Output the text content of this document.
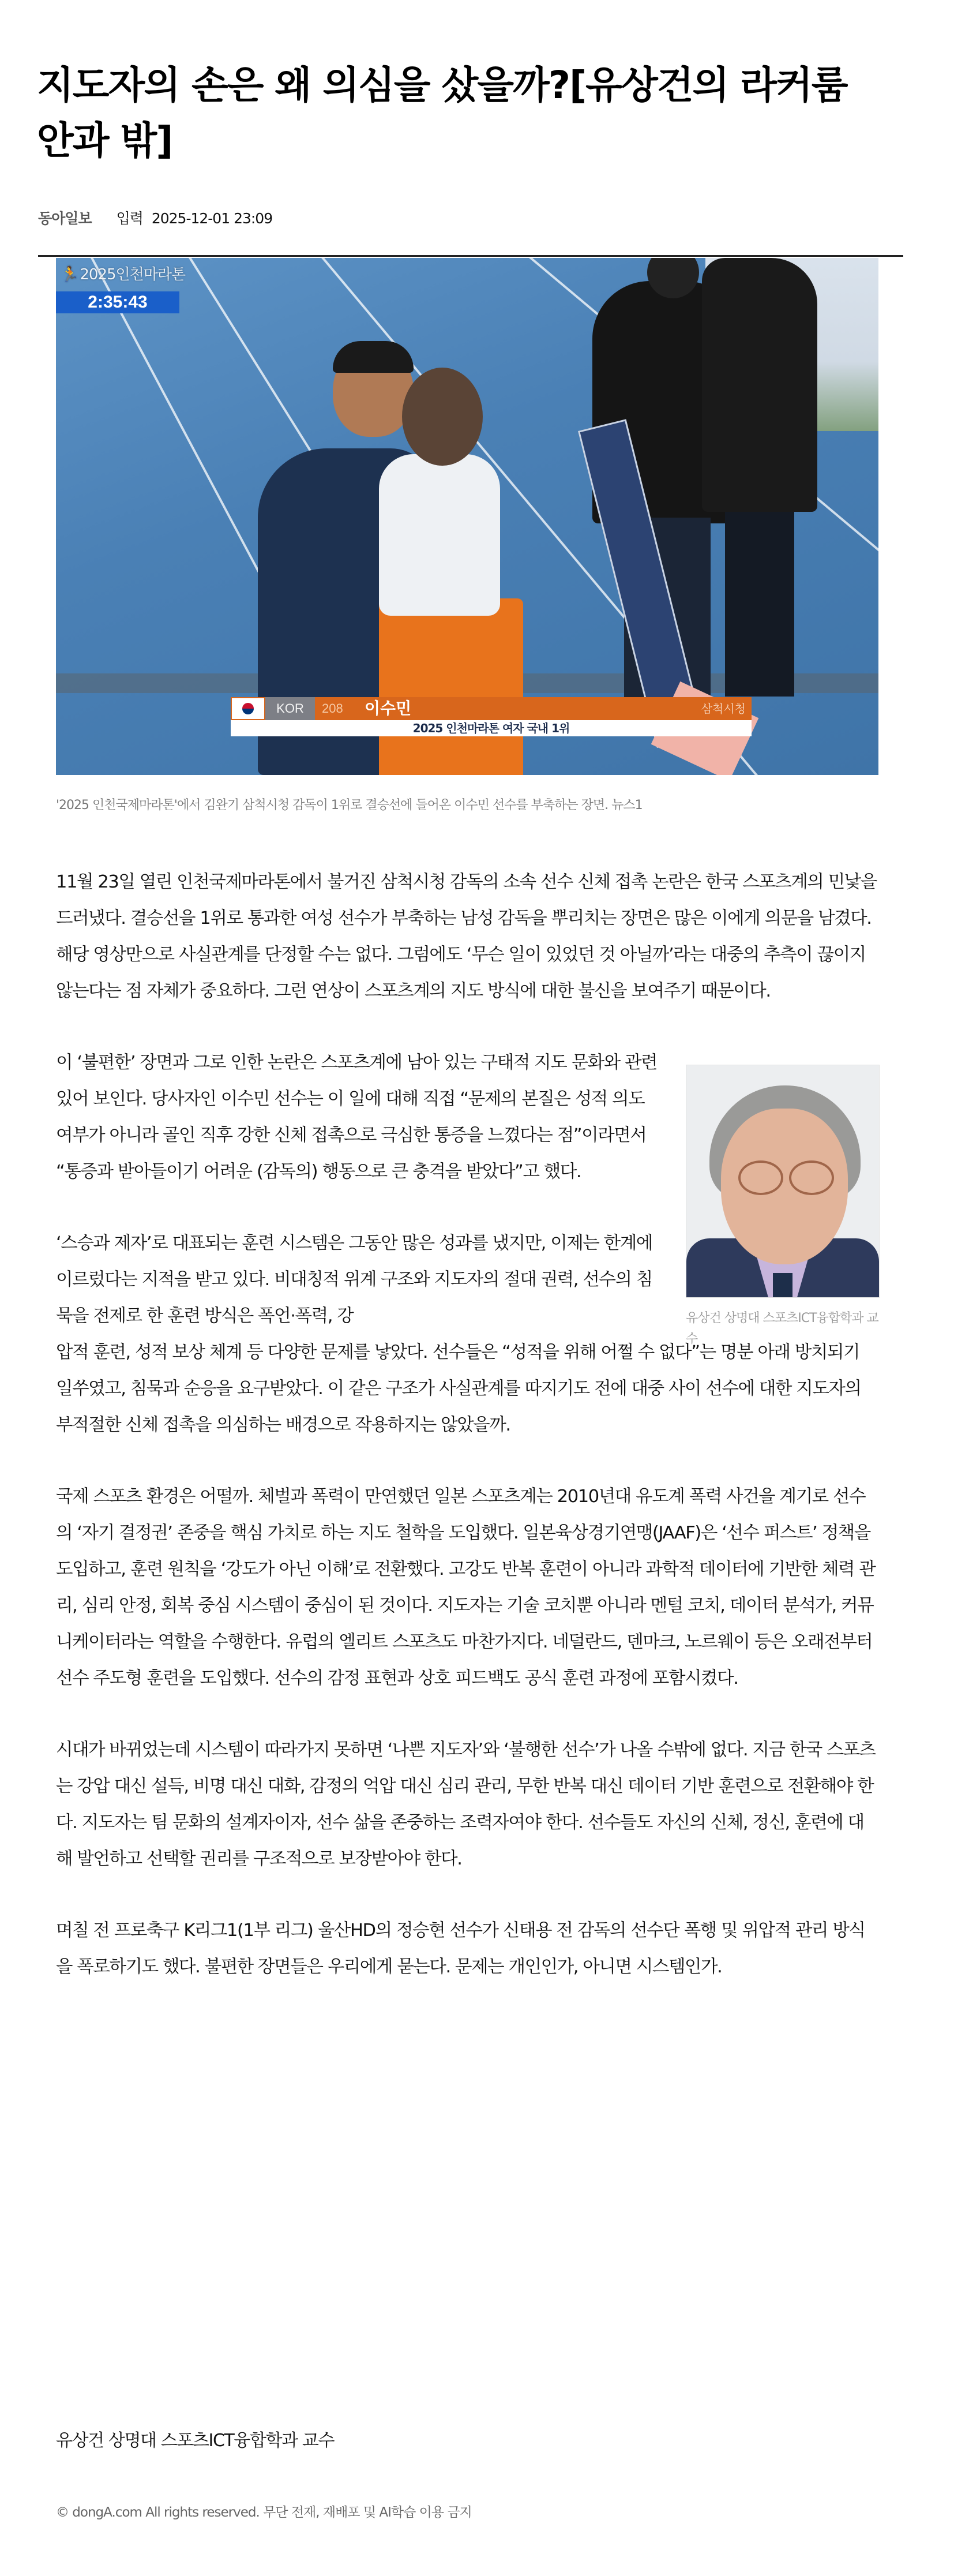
지도자의 손은 왜 의심을 샀을까?[유상건의 라커룸 안과 밖]
동아일보 입력 2025-12-01 23:09
🏃2025인천마라톤
2:35:43
KOR	208 이수민	삼척시청
2025 인천마라톤 여자 국내 1위
'2025 인천국제마라톤'에서 김완기 삼척시청 감독이 1위로 결승선에 들어온 이수민 선수를 부축하는 장면. 뉴스1

11월 23일 열린 인천국제마라톤에서 불거진 삼척시청 감독의 소속 선수 신체 접촉 논란은 한국 스포츠계의 민낯을 드러냈다. 결승선을 1위로 통과한 여성 선수가 부축하는 남성 감독을 뿌리치는 장면은 많은 이에게 의문을 남겼다. 해당 영상만으로 사실관계를 단정할 수는 없다. 그럼에도 ‘무슨 일이 있었던 것 아닐까’라는 대중의 추측이 끊이지 않는다는 점 자체가 중요하다. 그런 연상이 스포츠계의 지도 방식에 대한 불신을 보여주기 때문이다.

이 ‘불편한’ 장면과 그로 인한 논란은 스포츠계에 남아 있는 구태적 지도 문화와 관련 있어 보인다. 당사자인 이수민 선수는 이 일에 대해 직접 “문제의 본질은 성적 의도 여부가 아니라 골인 직후 강한 신체 접촉으로 극심한 통증을 느꼈다는 점”이라면서 “통증과 받아들이기 어려운 (감독의) 행동으로 큰 충격을 받았다”고 했다.

‘스승과 제자’로 대표되는 훈련 시스템은 그동안 많은 성과를 냈지만, 이제는 한계에 이르렀다는 지적을 받고 있다. 비대칭적 위계 구조와 지도자의 절대 권력, 선수의 침묵을 전제로 한 훈련 방식은 폭언·폭력, 강

압적 훈련, 성적 보상 체계 등 다양한 문제를 낳았다. 선수들은 “성적을 위해 어쩔 수 없다”는 명분 아래 방치되기 일쑤였고, 침묵과 순응을 요구받았다. 이 같은 구조가 사실관계를 따지기도 전에 대중 사이 선수에 대한 지도자의 부적절한 신체 접촉을 의심하는 배경으로 작용하지는 않았을까.

국제 스포츠 환경은 어떨까. 체벌과 폭력이 만연했던 일본 스포츠계는 2010년대 유도계 폭력 사건을 계기로 선수의 ‘자기 결정권’ 존중을 핵심 가치로 하는 지도 철학을 도입했다. 일본육상경기연맹(JAAF)은 ‘선수 퍼스트’ 정책을 도입하고, 훈련 원칙을 ‘강도가 아닌 이해’로 전환했다. 고강도 반복 훈련이 아니라 과학적 데이터에 기반한 체력 관리, 심리 안정, 회복 중심 시스템이 중심이 된 것이다. 지도자는 기술 코치뿐 아니라 멘털 코치, 데이터 분석가, 커뮤니케이터라는 역할을 수행한다. 유럽의 엘리트 스포츠도 마찬가지다. 네덜란드, 덴마크, 노르웨이 등은 오래전부터 선수 주도형 훈련을 도입했다. 선수의 감정 표현과 상호 피드백도 공식 훈련 과정에 포함시켰다.

시대가 바뀌었는데 시스템이 따라가지 못하면 ‘나쁜 지도자’와 ‘불행한 선수’가 나올 수밖에 없다. 지금 한국 스포츠는 강압 대신 설득, 비명 대신 대화, 감정의 억압 대신 심리 관리, 무한 반복 대신 데이터 기반 훈련으로 전환해야 한다. 지도자는 팀 문화의 설계자이자, 선수 삶을 존중하는 조력자여야 한다. 선수들도 자신의 신체, 정신, 훈련에 대해 발언하고 선택할 권리를 구조적으로 보장받아야 한다.

며칠 전 프로축구 K리그1(1부 리그) 울산HD의 정승현 선수가 신태용 전 감독의 선수단 폭행 및 위압적 관리 방식을 폭로하기도 했다. 불편한 장면들은 우리에게 묻는다. 문제는 개인인가, 아니면 시스템인가.

유상건 상명대 스포츠ICT융합학과 교수
유상건 상명대 스포츠ICT융합학과 교수
© dongA.com All rights reserved. 무단 전재, 재배포 및 AI학습 이용 금지
